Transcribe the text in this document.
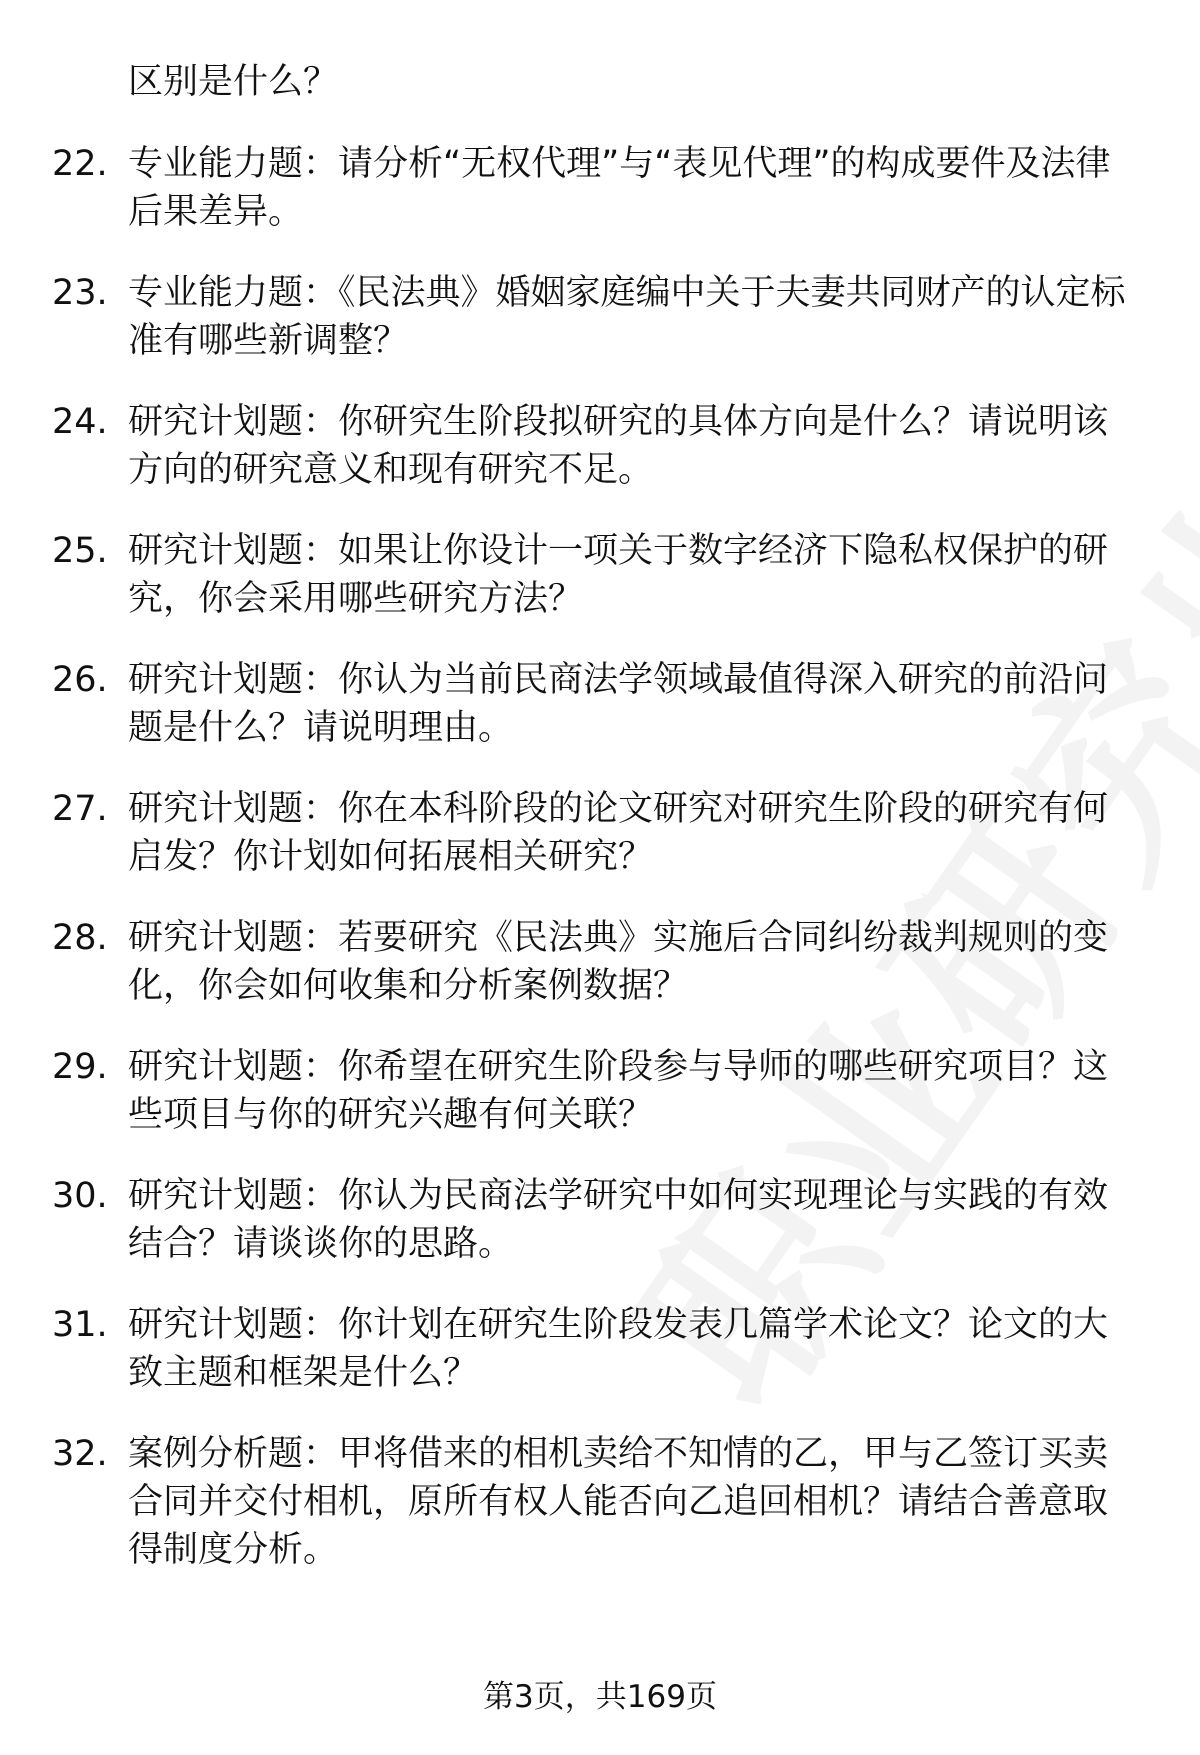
区别是什么？
22. 专业能力题：请分析“无权代理”与“表见代理”的构成要件及法律后果差异。
23. 专业能力题：《民法典》婚姻家庭编中关于夫妻共同财产的认定标准有哪些新调整？
24. 研究计划题：你研究生阶段拟研究的具体方向是什么？请说明该方向的研究意义和现有研究不足。
25. 研究计划题：如果让你设计一项关于数字经济下隐私权保护的研究，你会采用哪些研究方法？
26. 研究计划题：你认为当前民商法学领域最值得深入研究的前沿问题是什么？请说明理由。
27. 研究计划题：你在本科阶段的论文研究对研究生阶段的研究有何启发？你计划如何拓展相关研究？
28. 研究计划题：若要研究《民法典》实施后合同纠纷裁判规则的变化，你会如何收集和分析案例数据？
29. 研究计划题：你希望在研究生阶段参与导师的哪些研究项目？这些项目与你的研究兴趣有何关联？
30. 研究计划题：你认为民商法学研究中如何实现理论与实践的有效结合？请谈谈你的思路。
31. 研究计划题：你计划在研究生阶段发表几篇学术论文？论文的大致主题和框架是什么？
32. 案例分析题：甲将借来的相机卖给不知情的乙，甲与乙签订买卖合同并交付相机，原所有权人能否向乙追回相机？请结合善意取得制度分析。
第3页，共169页
